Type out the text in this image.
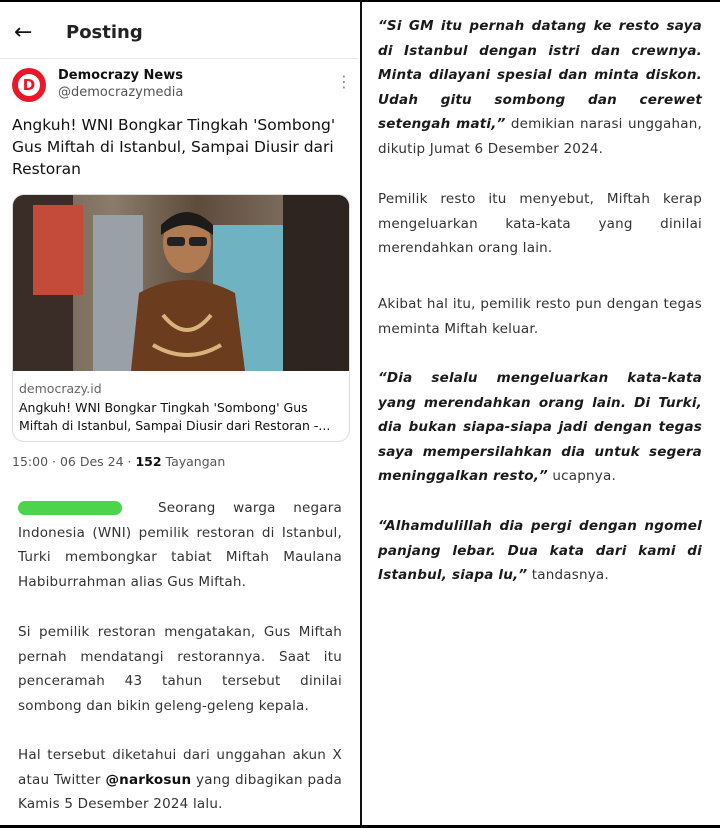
← Posting
D
Democrazy News
@democrazymedia
⋮
Angkuh! WNI Bongkar Tingkah 'Sombong' Gus Miftah di Istanbul, Sampai Diusir dari Restoran
democrazy.id
Angkuh! WNI Bongkar Tingkah 'Sombong' Gus Miftah di Istanbul, Sampai Diusir dari Restoran -...
15:00 · 06 Des 24 · 152 Tayangan
Seorang warga negara Indonesia (WNI) pemilik restoran di Istanbul, Turki membongkar tabiat Miftah Maulana Habiburrahman alias Gus Miftah.
Si pemilik restoran mengatakan, Gus Miftah pernah mendatangi restorannya. Saat itu penceramah 43 tahun tersebut dinilai sombong dan bikin geleng-geleng kepala.
Hal tersebut diketahui dari unggahan akun X atau Twitter @narkosun yang dibagikan pada Kamis 5 Desember 2024 lalu.
“Si GM itu pernah datang ke resto saya di Istanbul dengan istri dan crewnya. Minta dilayani spesial dan minta diskon. Udah gitu sombong dan cerewet setengah mati,” demikian narasi unggahan, dikutip Jumat 6 Desember 2024.
Pemilik resto itu menyebut, Miftah kerap mengeluarkan kata-kata yang dinilai merendahkan orang lain.
Akibat hal itu, pemilik resto pun dengan tegas meminta Miftah keluar.
“Dia selalu mengeluarkan kata-kata yang merendahkan orang lain. Di Turki, dia bukan siapa-siapa jadi dengan tegas saya mempersilahkan dia untuk segera meninggalkan resto,” ucapnya.
“Alhamdulillah dia pergi dengan ngomel panjang lebar. Dua kata dari kami di Istanbul, siapa lu,” tandasnya.
